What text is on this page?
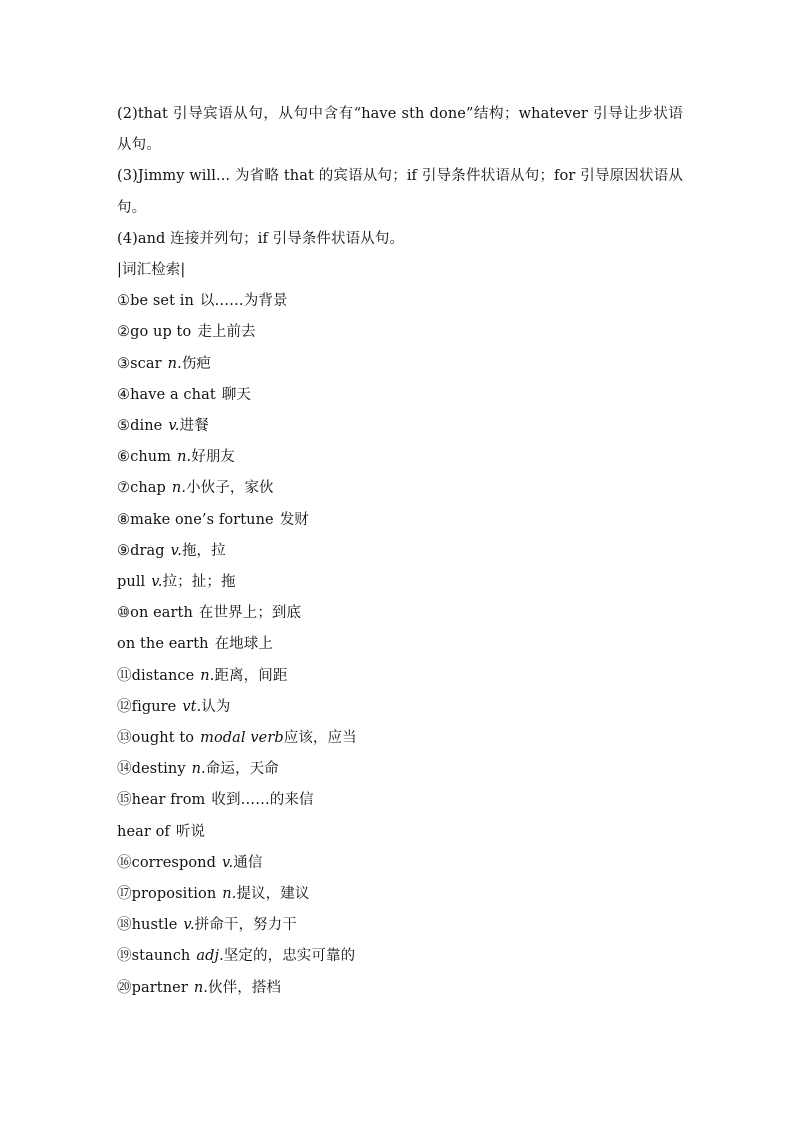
(2)that 引导宾语从句，从句中含有“have sth done”结构；whatever 引导让步状语从句。
(3)Jimmy will... 为省略 that 的宾语从句；if 引导条件状语从句；for 引导原因状语从句。
(4)and 连接并列句；if 引导条件状语从句。
|词汇检索|
①be set in 以……为背景
②go up to 走上前去
③scar n.伤疤
④have a chat 聊天
⑤dine v.进餐
⑥chum n.好朋友
⑦chap n.小伙子，家伙
⑧make one’s fortune 发财
⑨drag v.拖，拉
pull v.拉；扯；拖
⑩on earth 在世界上；到底
on the earth 在地球上
⑪distance n.距离，间距
⑫figure vt.认为
⑬ought to modal verb应该，应当
⑭destiny n.命运，天命
⑮hear from 收到……的来信
hear of 听说
⑯correspond v.通信
⑰proposition n.提议，建议
⑱hustle v.拼命干，努力干
⑲staunch adj.坚定的，忠实可靠的
⑳partner n.伙伴，搭档
